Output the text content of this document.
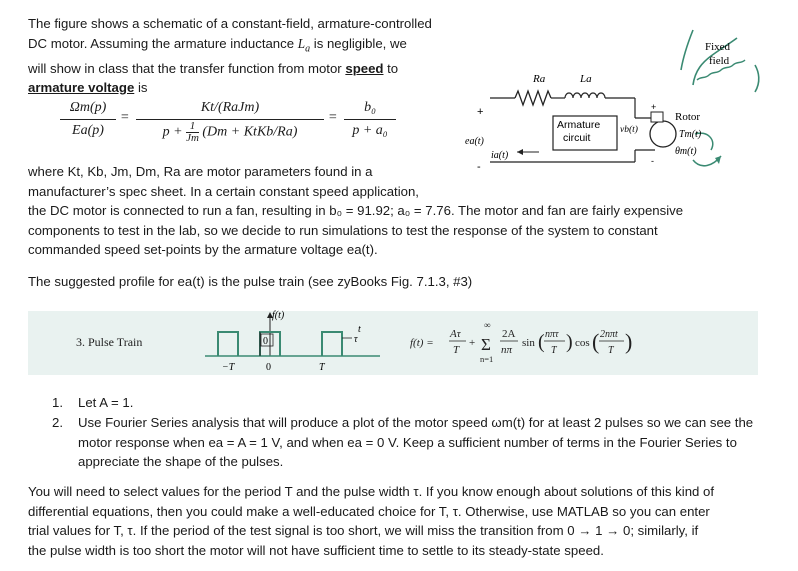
The figure shows a schematic of a constant-field, armature-controlled
DC motor. Assuming the armature inductance $L_a$ is negligible, we
will show in class that the transfer function from motor speed to
armature voltage is
Ωm(p)
Ea(p)
=
Kt/(RaJm)
$p + \frac{1}{Jm} (Dm$ + KtKb/Ra)
=
b₀
p + a₀
Ra	La
+
-
ea(t)
ia(t)
Armature
circuit
vb(t)
+
-
Rotor
Tm(t)
θm(t)
Fixed
field
where Kt, Kb, Jm, Dm, Ra are motor parameters found in a
manufacturer’s spec sheet. In a certain constant speed application,
the DC motor is connected to run a fan, resulting in b₀ = 91.92; a₀ = 7.76. The motor and fan are fairly expensive
components to test in the lab, so we decide to run simulations to test the response of the system to constant
commanded speed set-points by the armature voltage ea(t).
The suggested profile for ea(t) is the pulse train (see zyBooks Fig. 7.1.3, #3)
3. Pulse Train
f(t)
0
−T	0	T
τ
t
f(t) =
Aτ
T
+
∞
Σ
n=1
2A
nπ
sin ( nπτ
T ) cos ( 2nπt
T )
1. Let A = 1.
2. Use Fourier Series analysis that will produce a plot of the motor speed ωm(t) for at least 2 pulses so we can see the motor response when ea = A = 1 V, and when ea = 0 V. Keep a sufficient number of terms in the Fourier Series to appreciate the shape of the pulses.
You will need to select values for the period T and the pulse width τ. If you know enough about solutions of this kind of
differential equations, then you could make a well-educated choice for T, τ. Otherwise, use MATLAB so you can enter
trial values for T, τ. If the period of the test signal is too short, we will miss the transition from 0 → 1 → 0; similarly, if
the pulse width is too short the motor will not have sufficient time to settle to its steady-state speed.
